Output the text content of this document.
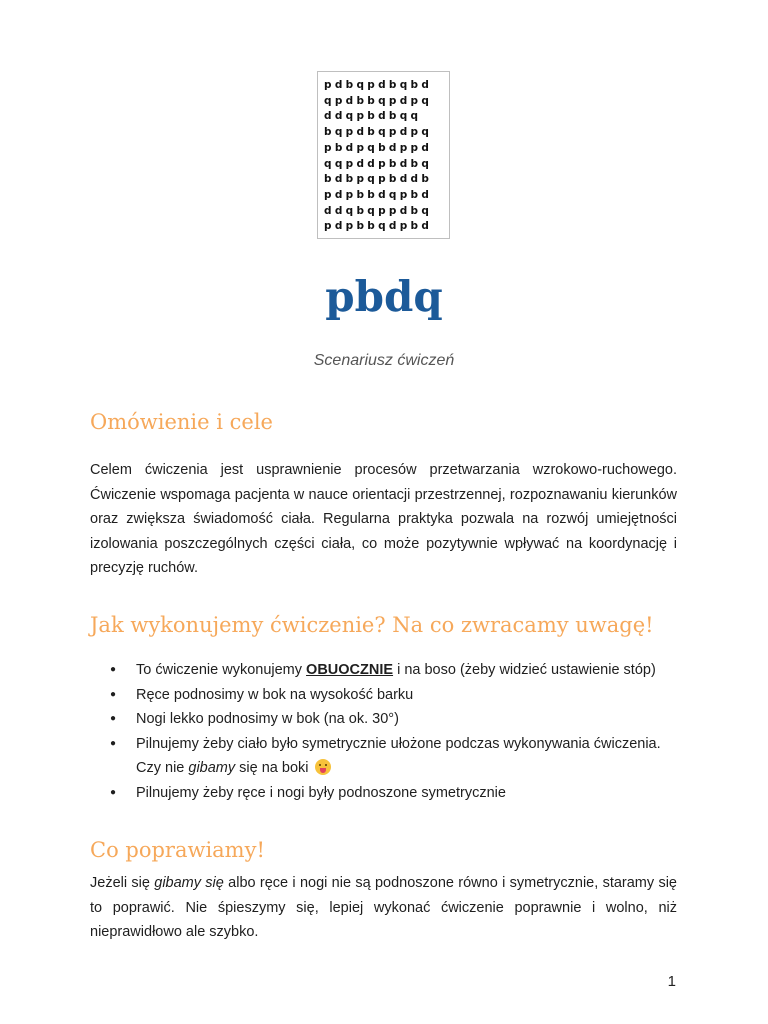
pdbqpdbqbd
qpdbbqpdpq
ddqpbdbqq
bqpdbqpdpq
pbdpqbdppd
qqpddpbdbq
bdbpqpbddb
pdpbbdqpbd
ddqbqppdbq
pdpbbqdpbd
pbdq
Scenariusz ćwiczeń
Omówienie i cele

Celem ćwiczenia jest usprawnienie procesów przetwarzania wzrokowo-ruchowego. Ćwiczenie wspomaga pacjenta w nauce orientacji przestrzennej, rozpoznawaniu kierunków oraz zwiększa świadomość ciała. Regularna praktyka pozwala na rozwój umiejętności izolowania poszczególnych części ciała, co może pozytywnie wpływać na koordynację i precyzję ruchów.

Jak wykonujemy ćwiczenie? Na co zwracamy uwagę!
● To ćwiczenie wykonujemy OBUOCZNIE i na boso (żeby widzieć ustawienie stóp)
● Ręce podnosimy w bok na wysokość barku
● Nogi lekko podnosimy w bok (na ok. 30°)
● Pilnujemy żeby ciało było symetrycznie ułożone podczas wykonywania ćwiczenia. Czy nie gibamy się na boki
● Pilnujemy żeby ręce i nogi były podnoszone symetrycznie
Co poprawiamy!

Jeżeli się gibamy się albo ręce i nogi nie są podnoszone równo i symetrycznie, staramy się to poprawić. Nie śpieszymy się, lepiej wykonać ćwiczenie poprawnie i wolno, niż nieprawidłowo ale szybko.

1
